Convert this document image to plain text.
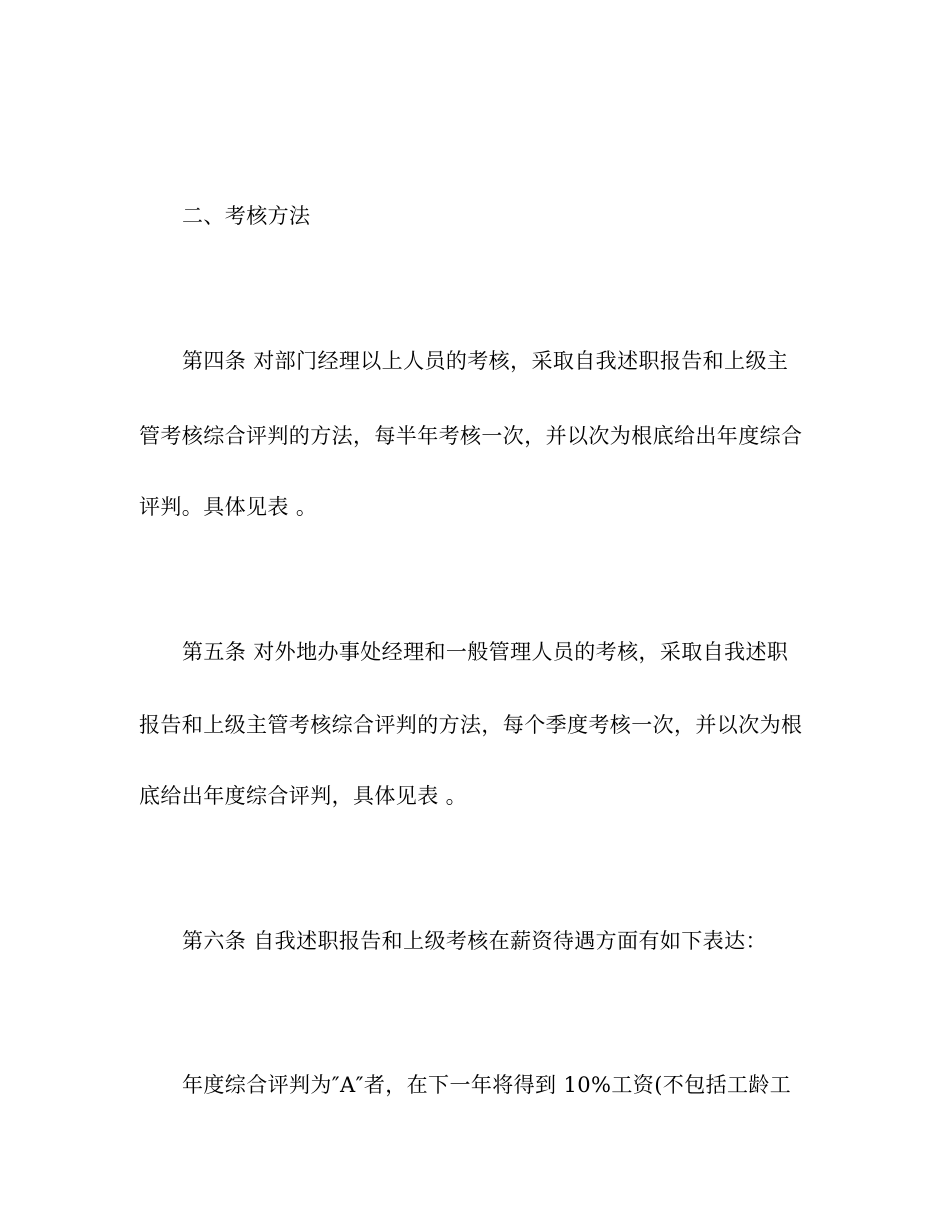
二、考核方法
第四条 对部门经理以上人员的考核，采取自我述职报告和上级主
管考核综合评判的方法，每半年考核一次，并以次为根底给出年度综合
评判。具体见表 。
第五条 对外地办事处经理和一般管理人员的考核，采取自我述职
报告和上级主管考核综合评判的方法，每个季度考核一次，并以次为根
底给出年度综合评判，具体见表 。
第六条 自我述职报告和上级考核在薪资待遇方面有如下表达：
年度综合评判为″A″者，在下一年将得到 10%工资(不包括工龄工
